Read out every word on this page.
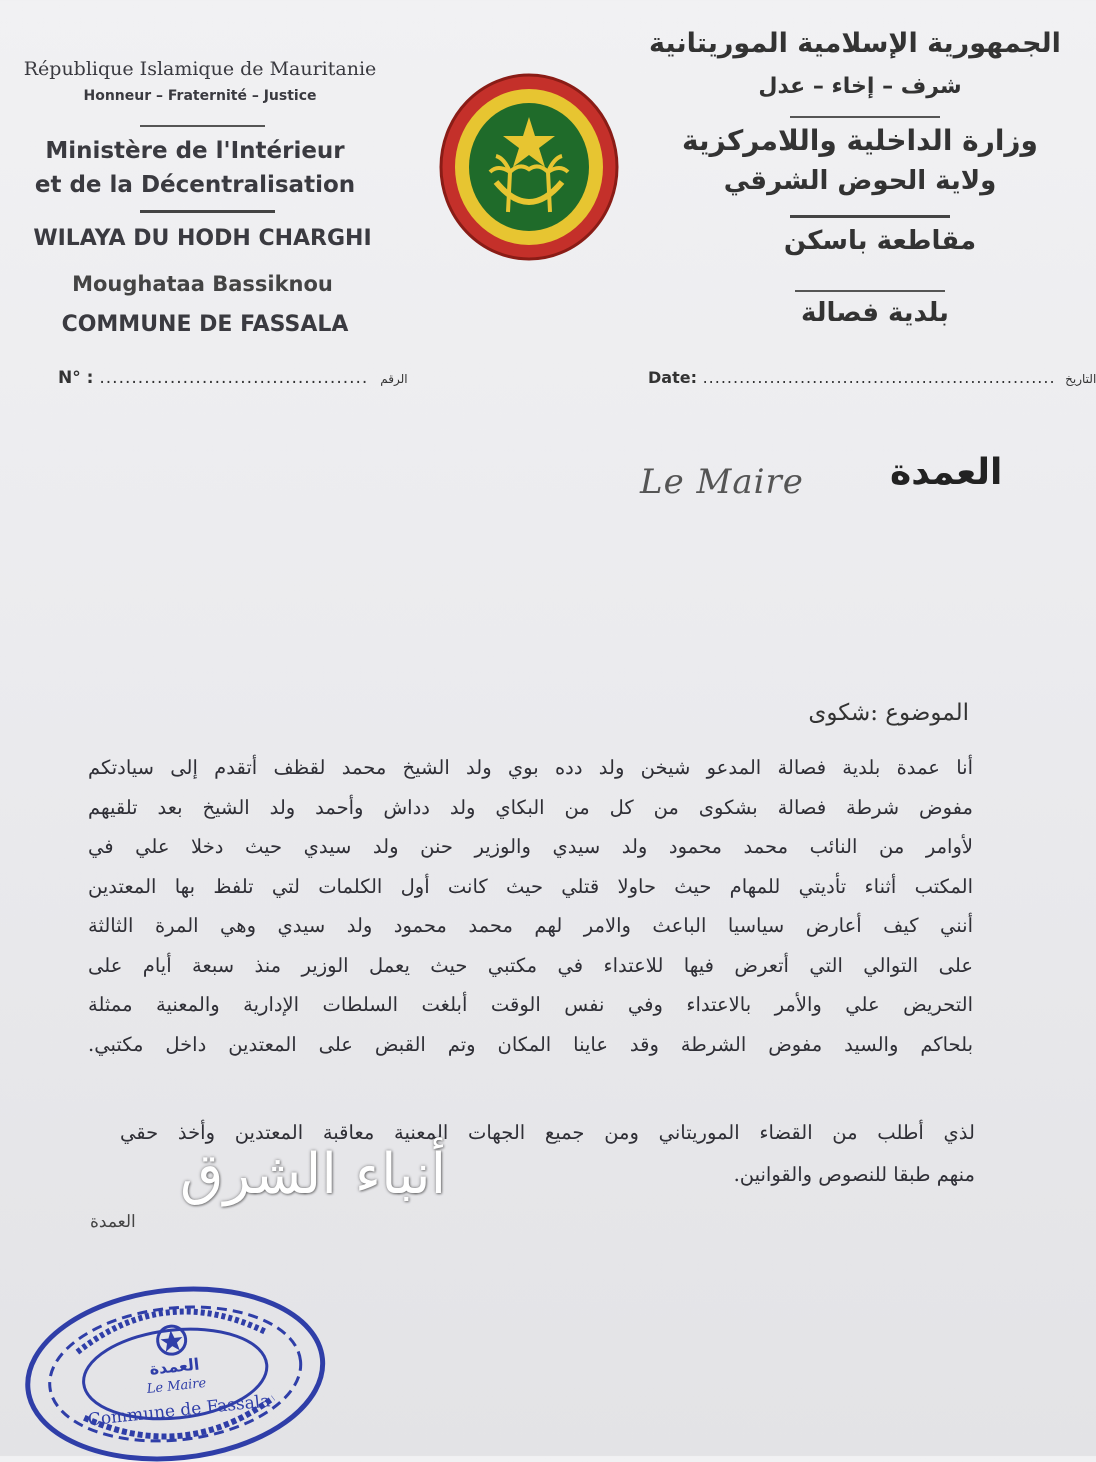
République Islamique de Mauritanie
Honneur – Fraternité – Justice
Ministère de l'Intérieur
et de la Décentralisation
WILAYA DU HODH CHARGHI
Moughataa Bassiknou
COMMUNE DE FASSALA
N° : .......................................... الرقم
الجمهورية الإسلامية الموريتانية
شرف – إخاء – عدل
وزارة الداخلية واللامركزية
ولاية الحوض الشرقي
مقاطعة باسكن
بلدية فصالة
Date: .......................................................... التاريخ
Le Maire العمدة
الموضوع :شكوى
أنا عمدة بلدية فصالة المدعو شيخن ولد دده بوي ولد الشيخ محمد لقظف أتقدم إلى سيادتكم
مفوض شرطة فصالة بشكوى من كل من البكاي ولد دداش وأحمد ولد الشيخ بعد تلقيهم
لأوامر من النائب محمد محمود ولد سيدي والوزير حنن ولد سيدي حيث دخلا علي في
المكتب أثناء تأديتي للمهام حيث حاولا قتلي حيث كانت أول الكلمات لتي تلفظ بها المعتدين
أنني كيف أعارض سياسيا الباعث والامر لهم محمد محمود ولد سيدي وهي المرة الثالثة
على التوالي التي أتعرض فيها للاعتداء في مكتبي حيث يعمل الوزير منذ سبعة أيام على
التحريض علي والأمر بالاعتداء وفي نفس الوقت أبلغت السلطات الإدارية والمعنية ممثلة
بلحاكم والسيد مفوض الشرطة وقد عاينا المكان وتم القبض على المعتدين داخل مكتبي.
لذي أطلب من القضاء الموريتاني ومن جميع الجهات المعنية معاقبة المعتدين وأخذ حقي
منهم طبقا للنصوص والقوانين.
العمدة
أنباء الشرق
العمدة
Le Maire
Commune de Fassala
